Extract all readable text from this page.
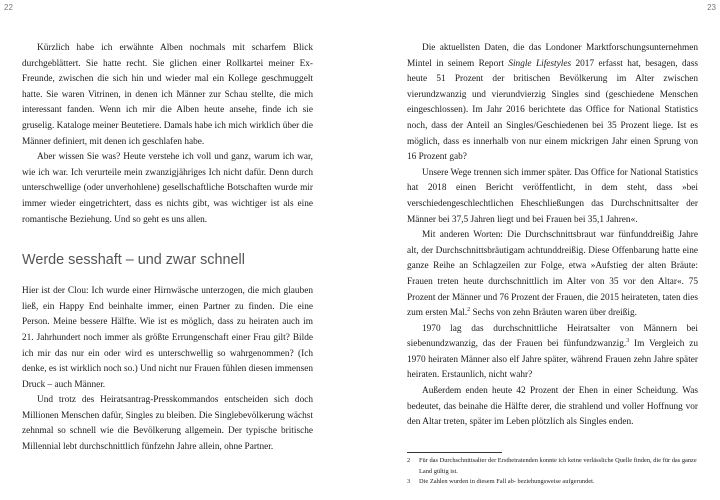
22	23

Kürzlich habe ich erwähnte Alben nochmals mit scharfem Blick durchgeblättert. Sie hatte recht. Sie glichen einer Rollkartei meiner Ex-Freunde, zwischen die sich hin und wieder mal ein Kollege geschmuggelt hatte. Sie waren Vitrinen, in denen ich Männer zur Schau stellte, die mich interessant fanden. Wenn ich mir die Alben heute ansehe, finde ich sie gruselig. Kataloge meiner Beutetiere. Damals habe ich mich wirklich über die Männer definiert, mit denen ich geschlafen habe.

Aber wissen Sie was? Heute verstehe ich voll und ganz, warum ich war, wie ich war. Ich verurteile mein zwanzigjähriges Ich nicht dafür. Denn durch unterschwellige (oder unverhohlene) gesellschaftliche Botschaften wurde mir immer wieder eingetrichtert, dass es nichts gibt, was wichtiger ist als eine romantische Beziehung. Und so geht es uns allen.

Werde sesshaft – und zwar schnell

Hier ist der Clou: Ich wurde einer Hirnwäsche unterzogen, die mich glauben ließ, ein Happy End beinhalte immer, einen Partner zu finden. Die eine Person. Meine bessere Hälfte. Wie ist es möglich, dass zu heiraten auch im 21. Jahrhundert noch immer als größte Errungenschaft einer Frau gilt? Bilde ich mir das nur ein oder wird es unterschwellig so wahrgenommen? (Ich denke, es ist wirklich noch so.) Und nicht nur Frauen fühlen diesen immensen Druck – auch Männer.

Und trotz des Heiratsantrag-Presskommandos entscheiden sich doch Millionen Menschen dafür, Singles zu bleiben. Die Singlebevölkerung wächst zehnmal so schnell wie die Bevölkerung allgemein. Der typische britische Millennial lebt durchschnittlich fünfzehn Jahre allein, ohne Partner.

Die aktuellsten Daten, die das Londoner Marktforschungsunternehmen Mintel in seinem Report Single Lifestyles 2017 erfasst hat, besagen, dass heute 51 Prozent der britischen Bevölkerung im Alter zwischen vierundzwanzig und vierundvierzig Singles sind (geschiedene Menschen eingeschlossen). Im Jahr 2016 berichtete das Office for National Statistics noch, dass der Anteil an Singles/Geschiedenen bei 35 Prozent liege. Ist es möglich, dass es innerhalb von nur einem mickrigen Jahr einen Sprung von 16 Prozent gab?

Unsere Wege trennen sich immer später. Das Office for National Statistics hat 2018 einen Bericht veröffentlicht, in dem steht, dass »bei verschiedengeschlechtlichen Eheschließungen das Durchschnittsalter der Männer bei 37,5 Jahren liegt und bei Frauen bei 35,1 Jahren«.

Mit anderen Worten: Die Durchschnittsbraut war fünfunddreißig Jahre alt, der Durchschnittsbräutigam achtunddreißig. Diese Offenbarung hatte eine ganze Reihe an Schlagzeilen zur Folge, etwa »Aufstieg der alten Bräute: Frauen treten heute durchschnittlich im Alter von 35 vor den Altar«. 75 Prozent der Männer und 76 Prozent der Frauen, die 2015 heirateten, taten dies zum ersten Mal.$^2$ Sechs von zehn Bräuten waren über dreißig.

1970 lag das durchschnittliche Heiratsalter von Männern bei siebenundzwanzig, das der Frauen bei fünfundzwanzig.$^3$ Im Vergleich zu 1970 heiraten Männer also elf Jahre später, während Frauen zehn Jahre später heiraten. Erstaunlich, nicht wahr?

Außerdem enden heute 42 Prozent der Ehen in einer Scheidung. Was bedeutet, das beinahe die Hälfte derer, die strahlend und voller Hoffnung vor den Altar treten, später im Leben plötzlich als Singles enden.

2	Für das Durchschnittsalter der Erstheiratenden konnte ich keine verlässliche Quelle finden, die für das ganze Land gültig ist.
3	Die Zahlen wurden in diesem Fall ab- beziehungsweise aufgerundet.
